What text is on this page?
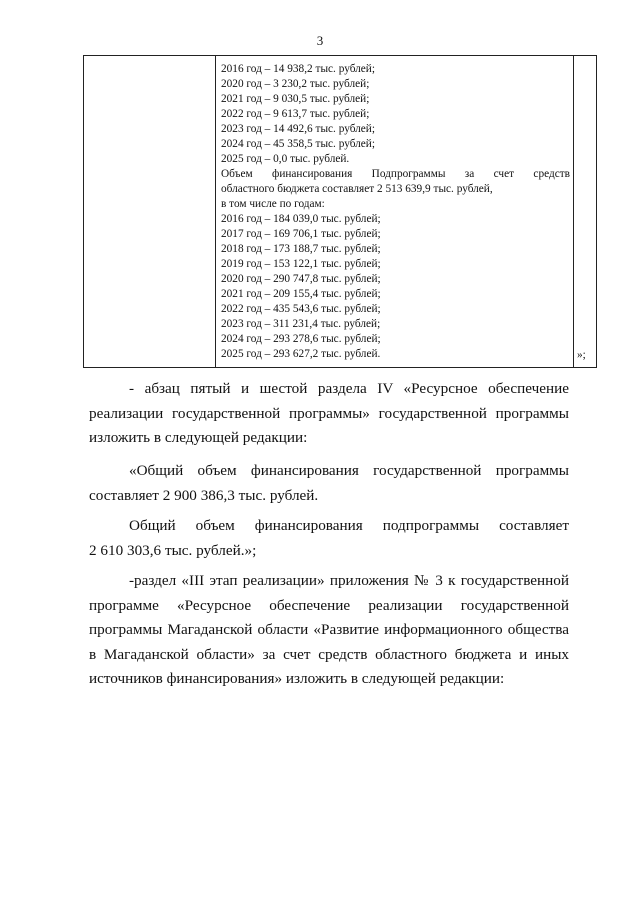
3
2016 год – 14 938,2 тыс. рублей;
2020 год – 3 230,2 тыс. рублей;
2021 год – 9 030,5 тыс. рублей;
2022 год – 9 613,7 тыс. рублей;
2023 год – 14 492,6 тыс. рублей;
2024 год – 45 358,5 тыс. рублей;
2025 год – 0,0 тыс. рублей.
Объем финансирования Подпрограммы за счет средств
областного бюджета составляет 2 513 639,9 тыс. рублей,
в том числе по годам:
2016 год – 184 039,0 тыс. рублей;
2017 год – 169 706,1 тыс. рублей;
2018 год – 173 188,7 тыс. рублей;
2019 год – 153 122,1 тыс. рублей;
2020 год – 290 747,8 тыс. рублей;
2021 год – 209 155,4 тыс. рублей;
2022 год – 435 543,6 тыс. рублей;
2023 год – 311 231,4 тыс. рублей;
2024 год – 293 278,6 тыс. рублей;
2025 год – 293 627,2 тыс. рублей.	»;

- абзац пятый и шестой раздела IV «Ресурсное обеспечение

реализации государственной программы» государственной программы

изложить в следующей редакции:

«Общий объем финансирования государственной программы

составляет 2 900 386,3 тыс. рублей.

Общий объем финансирования подпрограммы составляет

2 610 303,6 тыс. рублей.»;

-раздел «III этап реализации» приложения № 3 к государственной

программе «Ресурсное обеспечение реализации государственной

программы Магаданской области «Развитие информационного общества

в Магаданской области» за счет средств областного бюджета и иных

источников финансирования» изложить в следующей редакции:
